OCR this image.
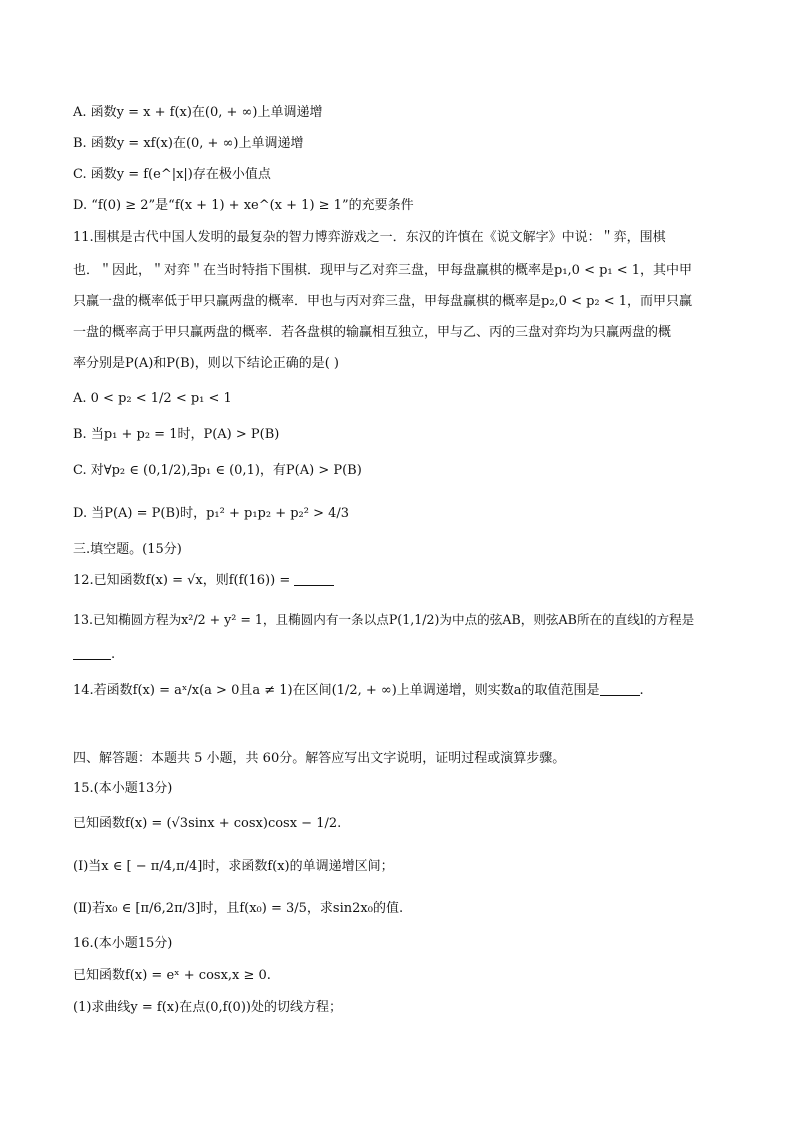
A. 函数y = x + f(x)在(0, + ∞)上单调递增
B. 函数y = xf(x)在(0, + ∞)上单调递增
C. 函数y = f(e^|x|)存在极小值点
D. “f(0) ≥ 2”是“f(x + 1) + xe^(x + 1) ≥ 1”的充要条件
11.围棋是古代中国人发明的最复杂的智力博弈游戏之一．东汉的许慎在《说文解字》中说：＂弈，围棋
也．＂因此，＂对弈＂在当时特指下围棋．现甲与乙对弈三盘，甲每盘赢棋的概率是p₁,0 < p₁ < 1，其中甲
只赢一盘的概率低于甲只赢两盘的概率．甲也与丙对弈三盘，甲每盘赢棋的概率是p₂,0 < p₂ < 1，而甲只赢
一盘的概率高于甲只赢两盘的概率．若各盘棋的输赢相互独立，甲与乙、丙的三盘对弈均为只赢两盘的概
率分别是P(A)和P(B)，则以下结论正确的是( )
A. 0 < p₂ < 1/2 < p₁ < 1
B. 当p₁ + p₂ = 1时，P(A) > P(B)
C. 对∀p₂ ∈ (0,1/2),∃p₁ ∈ (0,1)，有P(A) > P(B)
D. 当P(A) = P(B)时，p₁² + p₁p₂ + p₂² > 4/3
三.填空题。(15分)
12.已知函数f(x) = √x，则f(f(16)) =
13.已知椭圆方程为x²/2 + y² = 1，且椭圆内有一条以点P(1,1/2)为中点的弦AB，则弦AB所在的直线l的方程是
.
14.若函数f(x) = aˣ/x(a > 0且a ≠ 1)在区间(1/2, + ∞)上单调递增，则实数a的取值范围是	.
四、解答题：本题共 5 小题，共 60分。解答应写出文字说明，证明过程或演算步骤。
15.(本小题13分)
已知函数f(x) = (√3sinx + cosx)cosx − 1/2.
(Ⅰ)当x ∈ [ − π/4,π/4]时，求函数f(x)的单调递增区间；
(Ⅱ)若x₀ ∈ [π/6,2π/3]时，且f(x₀) = 3/5，求sin2x₀的值.
16.(本小题15分)
已知函数f(x) = eˣ + cosx,x ≥ 0.
(1)求曲线y = f(x)在点(0,f(0))处的切线方程；
